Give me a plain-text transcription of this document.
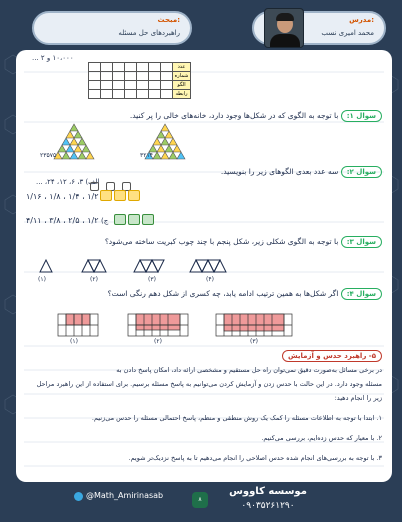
مبحث:
راهبردهای حل مسئله
مدرس:
محمد امیری نسب
۱۰،۰۰۰ و ۲ ...
							عدد
							شماره
							الگو
							رابطه
سوال ۱: با توجه به الگوی که در شکل‌ها وجود دارد، خانه‌های خالی را پر کنید.
۲۳۵۷۵	۳۲۱۴
سوال ۲: سه عدد بعدی الگوهای زیر را بنویسید.
الف) ۳، ۶، ۱۲، ۲۴، ...

۱/۲ ، ۱/۴ ، ۱/۸ ، ۱/۱۶
ج) ۱/۲ ، ۲/۵ ، ۳/۸ ، ۴/۱۱
سوال ۳: با توجه به الگوی شکلی زیر، شکل پنجم با چند چوب کبریت ساخته می‌شود؟
(۱)	(۲)	(۳)	(۴)
سوال ۴: اگر شکل‌ها به همین ترتیب ادامه یابد، چه کسری از شکل دهم رنگی است؟
(۱)	(۲)	(۳)
۵- راهبرد حدس و آزمایش
در برخی مسائل به‌صورت دقیق نمی‌توان راه حل مستقیم و مشخصی ارائه داد، امکان پاسخ دادن به
مسئله وجود دارد. در این حالت با حدس زدن و آزمایش کردن می‌توانیم به پاسخ مسئله برسیم. برای استفاده از این راهبرد مراحل
زیر را انجام دهید:
۱. ابتدا با توجه به اطلاعات مسئله را کمک یک روش منطقی و منظم، پاسخ احتمالی مسئله را حدس می‌زنیم.
۲. با معیار که حدس زده‌ایم، بررسی می‌کنیم.
۳. با توجه به بررسی‌های انجام شده حدس اصلاحی را انجام می‌دهیم تا به پاسخ نزدیک‌تر شویم.
@Math_Amirinasab	۸
موسسه کاووس
۰۹۰۳۵۲۶۱۲۹۰
